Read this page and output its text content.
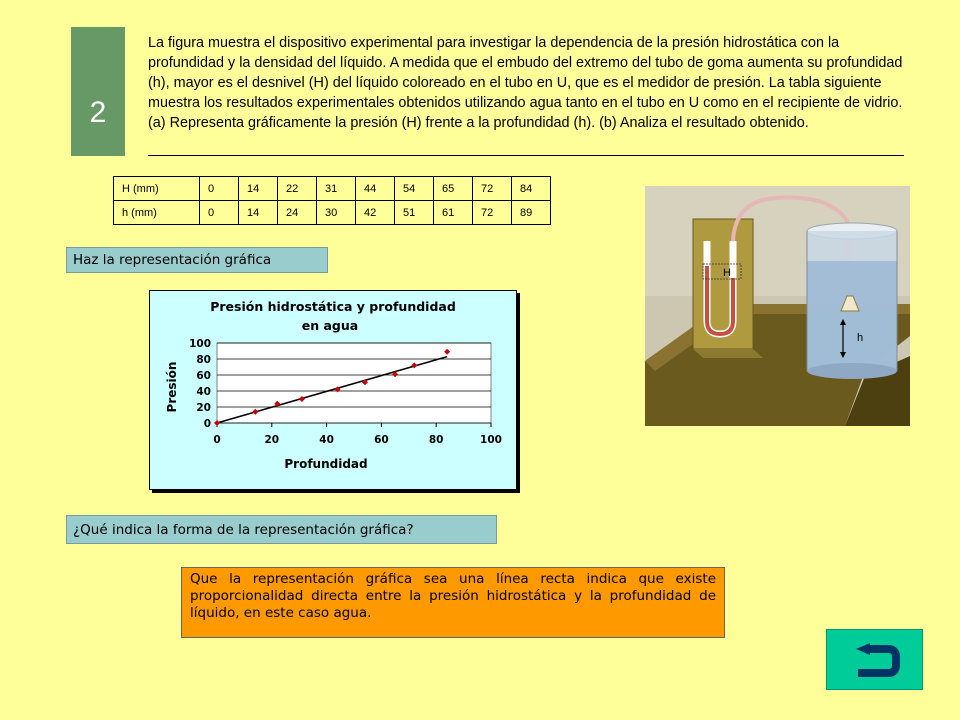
2

La figura muestra el dispositivo experimental para investigar la dependencia de la presión hidrostática con la profundidad y la densidad del líquido. A medida que el embudo del extremo del tubo de goma aumenta su profundidad (h), mayor es el desnivel (H) del líquido coloreado en el tubo en U, que es el medidor de presión. La tabla siguiente muestra los resultados experimentales obtenidos utilizando agua tanto en el tubo en U como en el recipiente de vidrio. (a) Representa gráficamente la presión (H) frente a la profundidad (h). (b) Analiza el resultado obtenido.

H (mm)	0	14	22	31	44	54	65	72	84
h (mm)	0	14	24	30	42	51	61	72	89
Haz la representación gráfica
Presión hidrostática y profundidad
en agua
0
20
40
60
80
100
0	20	40	60	80	100
Profundidad
Presión
H
h
¿Qué indica la forma de la representación gráfica?
Que la representación gráfica sea una línea recta indica que existe proporcionalidad directa entre la presión hidrostática y la profundidad de líquido, en este caso agua.
